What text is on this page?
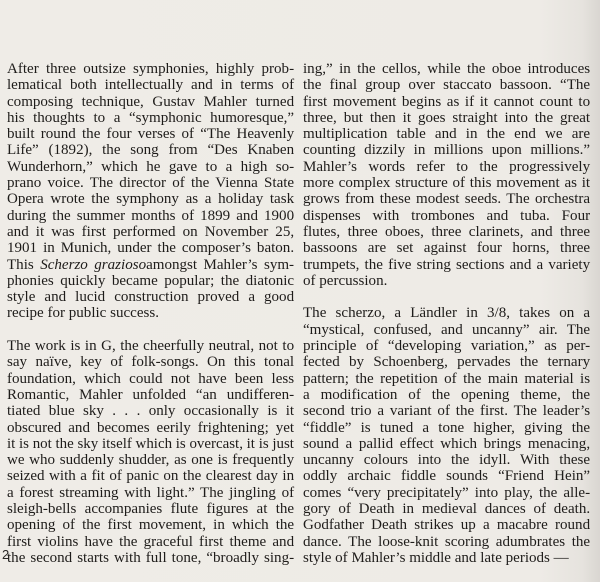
After three outsize symphonies, highly prob-
lematical both intellectually and in terms of
composing technique, Gustav Mahler turned
his thoughts to a “symphonic humoresque,”
built round the four verses of “The Heavenly
Life” (1892), the song from “Des Knaben
Wunderhorn,” which he gave to a high so-
prano voice. The director of the Vienna State
Opera wrote the symphony as a holiday task
during the summer months of 1899 and 1900
and it was first performed on November 25,
1901 in Munich, under the composer’s baton.
This Scherzo graziosoamongst Mahler’s sym-
phonies quickly became popular; the diatonic
style and lucid construction proved a good
recipe for public success.
The work is in G, the cheerfully neutral, not to
say naïve, key of folk-songs. On this tonal
foundation, which could not have been less
Romantic, Mahler unfolded “an undifferen-
tiated blue sky . . . only occasionally is it
obscured and becomes eerily frightening; yet
it is not the sky itself which is overcast, it is just
we who suddenly shudder, as one is frequently
seized with a fit of panic on the clearest day in
a forest streaming with light.” The jingling of
sleigh-bells accompanies flute figures at the
opening of the first movement, in which the
first violins have the graceful first theme and
the second starts with full tone, “broadly sing-
ing,” in the cellos, while the oboe introduces
the final group over staccato bassoon. “The
first movement begins as if it cannot count to
three, but then it goes straight into the great
multiplication table and in the end we are
counting dizzily in millions upon millions.”
Mahler’s words refer to the progressively
more complex structure of this movement as it
grows from these modest seeds. The orchestra
dispenses with trombones and tuba. Four
flutes, three oboes, three clarinets, and three
bassoons are set against four horns, three
trumpets, the five string sections and a variety
of percussion.
The scherzo, a Ländler in 3/8, takes on a
“mystical, confused, and uncanny” air. The
principle of “developing variation,” as per-
fected by Schoenberg, pervades the ternary
pattern; the repetition of the main material is
a modification of the opening theme, the
second trio a variant of the first. The leader’s
“fiddle” is tuned a tone higher, giving the
sound a pallid effect which brings menacing,
uncanny colours into the idyll. With these
oddly archaic fiddle sounds “Friend Hein”
comes “very precipitately” into play, the alle-
gory of Death in medieval dances of death.
Godfather Death strikes up a macabre round
dance. The loose-knit scoring adumbrates the
style of Mahler’s middle and late periods —
2
